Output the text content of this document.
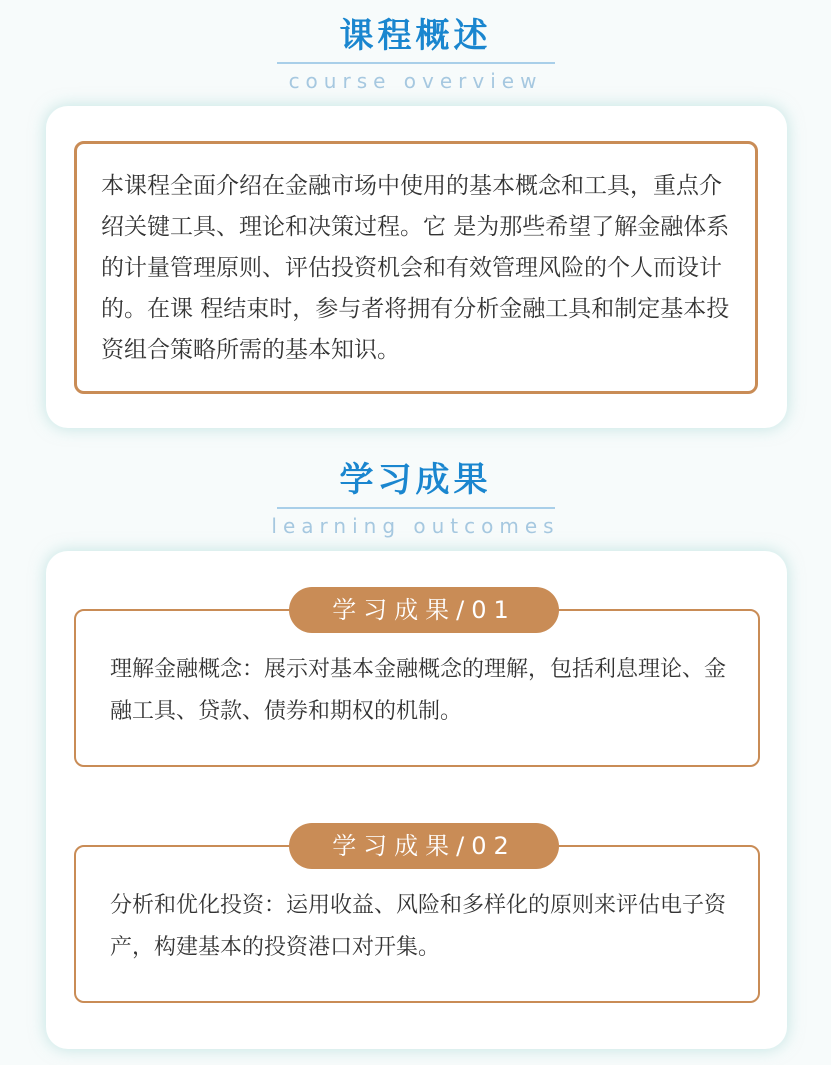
课程概述
course overview
本课程全面介绍在金融市场中使用的基本概念和工具，重点介绍关键工具、理论和决策过程。它 是为那些希望了解金融体系的计量管理原则、评估投资机会和有效管理风险的个人而设计的。在课 程结束时，参与者将拥有分析金融工具和制定基本投资组合策略所需的基本知识。
学习成果
learning outcomes
理解金融概念：展示对基本金融概念的理解，包括利息理论、金融工具、贷款、债券和期权的机制。
学习成果/01
分析和优化投资：运用收益、风险和多样化的原则来评估电子资产，构建基本的投资港口对开集。
学习成果/02
